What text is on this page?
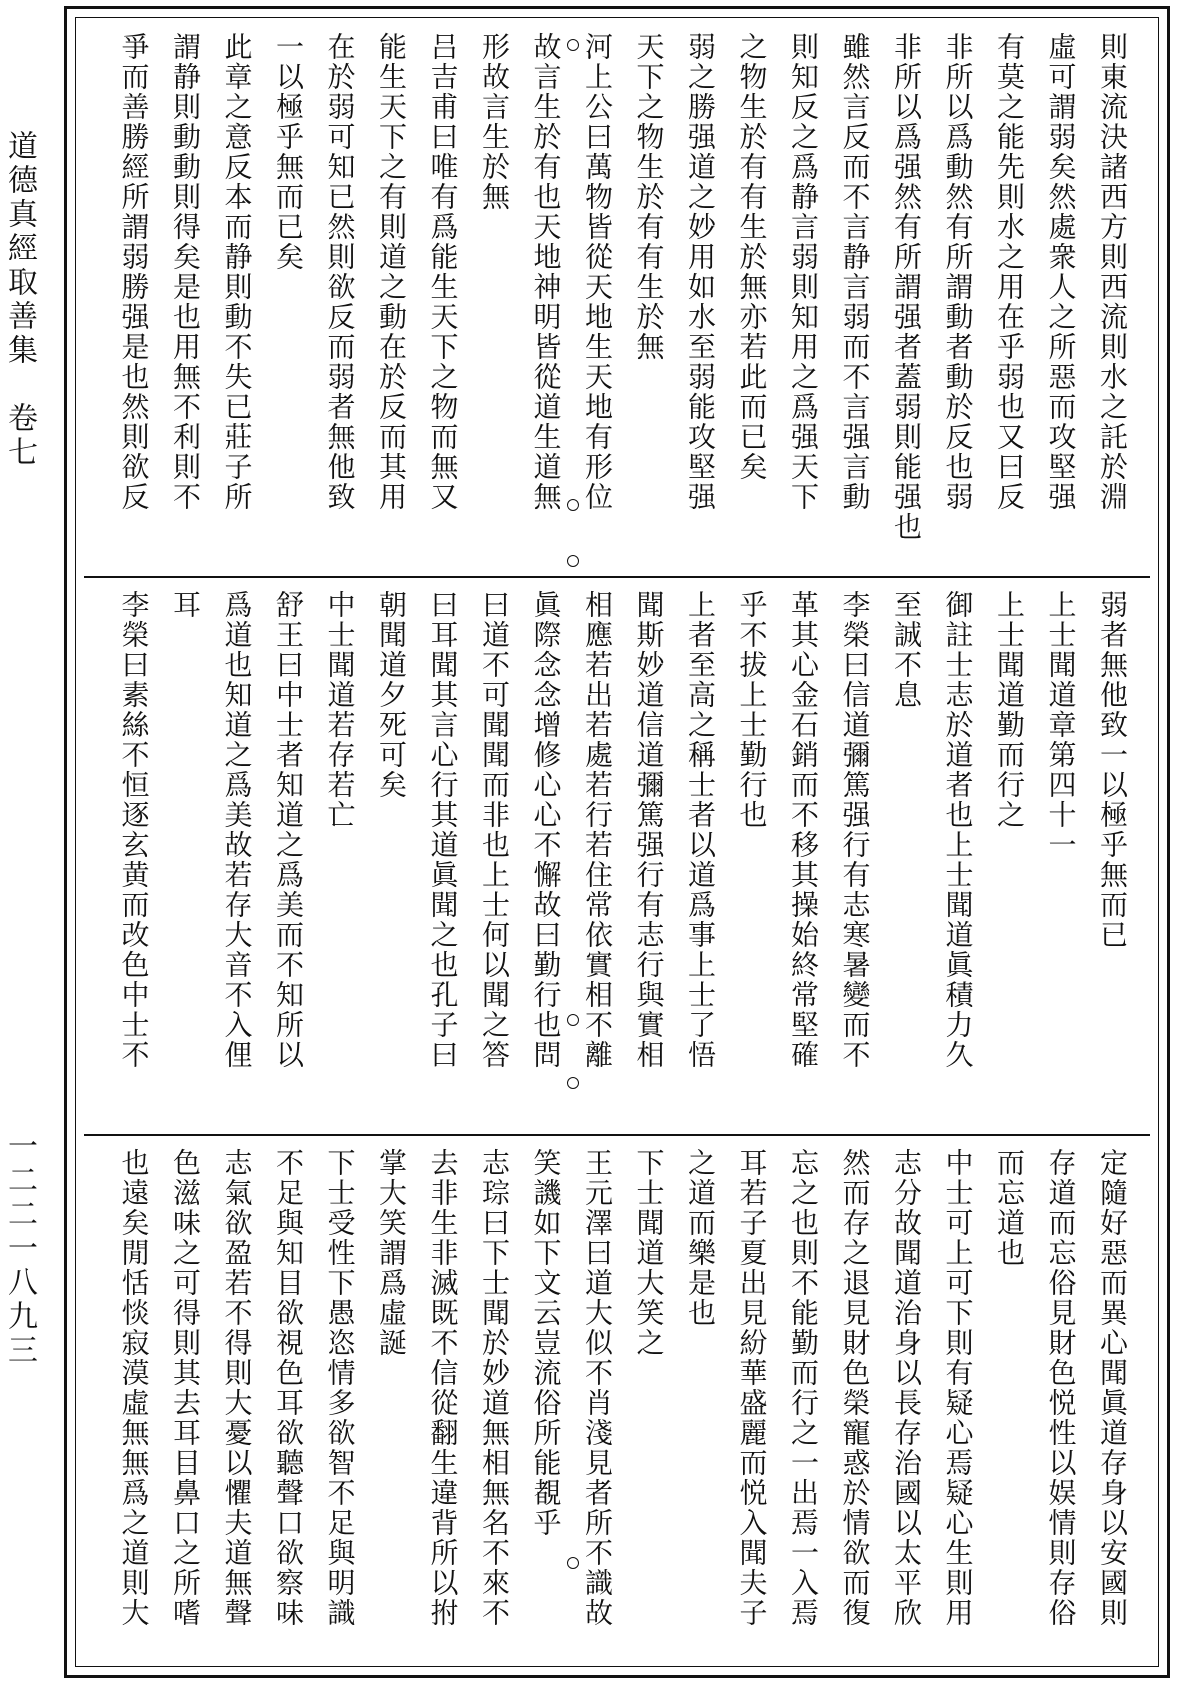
道德真經取善集　卷七
一二二一八九三
則東流決諸西方則西流則水之託於淵
虛可謂弱矣然處衆人之所惡而攻堅强
有莫之能先則水之用在乎弱也又曰反
非所以爲動然有所謂動者動於反也弱
非所以爲强然有所謂强者蓋弱則能强也
雖然言反而不言静言弱而不言强言動
則知反之爲静言弱則知用之爲强天下
之物生於有有生於無亦若此而已矣
弱之勝强道之妙用如水至弱能攻堅强
天下之物生於有有生於無
河上公曰萬物皆從天地生天地有形位
故言生於有也天地神明皆從道生道無
形故言生於無
吕吉甫曰唯有爲能生天下之物而無又
能生天下之有則道之動在於反而其用
在於弱可知已然則欲反而弱者無他致
一以極乎無而已矣
此章之意反本而静則動不失已莊子所
謂静則動動則得矣是也用無不利則不
爭而善勝經所謂弱勝强是也然則欲反
弱者無他致一以極乎無而已
上士聞道章第四十一
上士聞道勤而行之
御註士志於道者也上士聞道眞積力久
至誠不息
李榮曰信道彌篤强行有志寒暑變而不
革其心金石銷而不移其操始終常堅確
乎不拔上士勤行也
上者至高之稱士者以道爲事上士了悟
聞斯妙道信道彌篤强行有志行與實相
相應若出若處若行若住常依實相不離
眞際念念增修心心不懈故曰勤行也問
曰道不可聞聞而非也上士何以聞之答
曰耳聞其言心行其道眞聞之也孔子曰
朝聞道夕死可矣
中士聞道若存若亡
舒王曰中士者知道之爲美而不知所以
爲道也知道之爲美故若存大音不入俚
耳
李榮曰素絲不恒逐玄黄而改色中士不
定隨好惡而異心聞眞道存身以安國則
存道而忘俗見財色悦性以娱情則存俗
而忘道也
中士可上可下則有疑心焉疑心生則用
志分故聞道治身以長存治國以太平欣
然而存之退見財色榮寵惑於情欲而復
忘之也則不能勤而行之一出焉一入焉
耳若子夏出見紛華盛麗而悦入聞夫子
之道而樂是也
下士聞道大笑之
王元澤曰道大似不肖淺見者所不識故
笑譏如下文云豈流俗所能覩乎
志琮曰下士聞於妙道無相無名不來不
去非生非滅既不信從翻生違背所以拊
掌大笑謂爲虛誕
下士受性下愚恣情多欲智不足與明識
不足與知目欲視色耳欲聽聲口欲察味
志氣欲盈若不得則大憂以懼夫道無聲
色滋味之可得則其去耳目鼻口之所嗜
也遠矣閒恬惔寂漠虛無無爲之道則大
